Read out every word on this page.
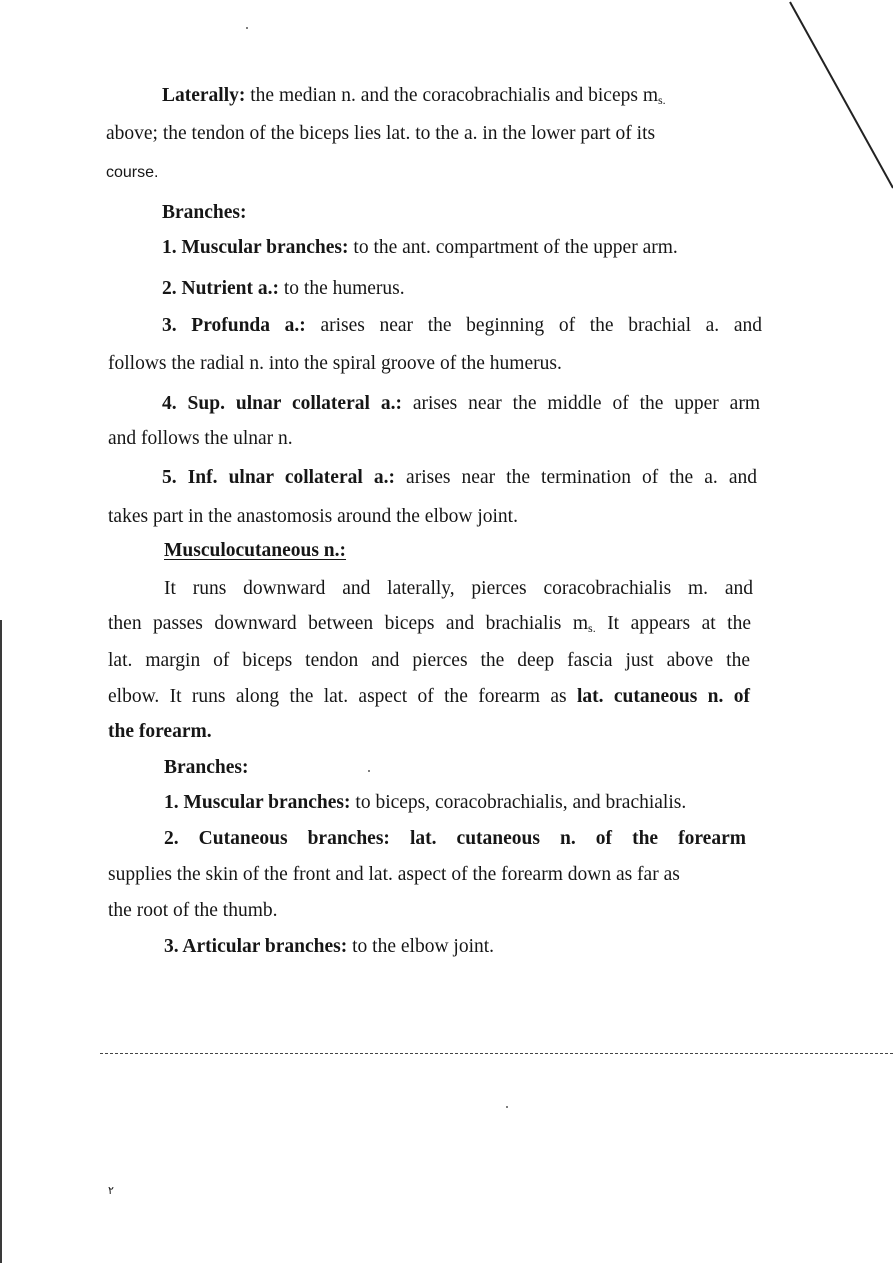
Laterally: the median n. and the coracobrachialis and biceps $m_{s.}$
above; the tendon of the biceps lies lat. to the a. in the lower part of its
course.
Branches:
1. Muscular branches: to the ant. compartment of the upper arm.
2. Nutrient a.: to the humerus.
3. Profunda a.: arises near the beginning of the brachial a. and
follows the radial n. into the spiral groove of the humerus.
4. Sup. ulnar collateral a.: arises near the middle of the upper arm
and follows the ulnar n.
5. Inf. ulnar collateral a.: arises near the termination of the a. and
takes part in the anastomosis around the elbow joint.
Musculocutaneous n.:
It runs downward and laterally, pierces coracobrachialis m. and
then passes downward between biceps and brachialis $m_{s.}$ It appears at the
lat. margin of biceps tendon and pierces the deep fascia just above the
elbow. It runs along the lat. aspect of the forearm as lat. cutaneous n. of
the forearm.
Branches:
1. Muscular branches: to biceps, coracobrachialis, and brachialis.
2. Cutaneous branches: lat. cutaneous n. of the forearm
supplies the skin of the front and lat. aspect of the forearm down as far as
the root of the thumb.
3. Articular branches: to the elbow joint.
٢
